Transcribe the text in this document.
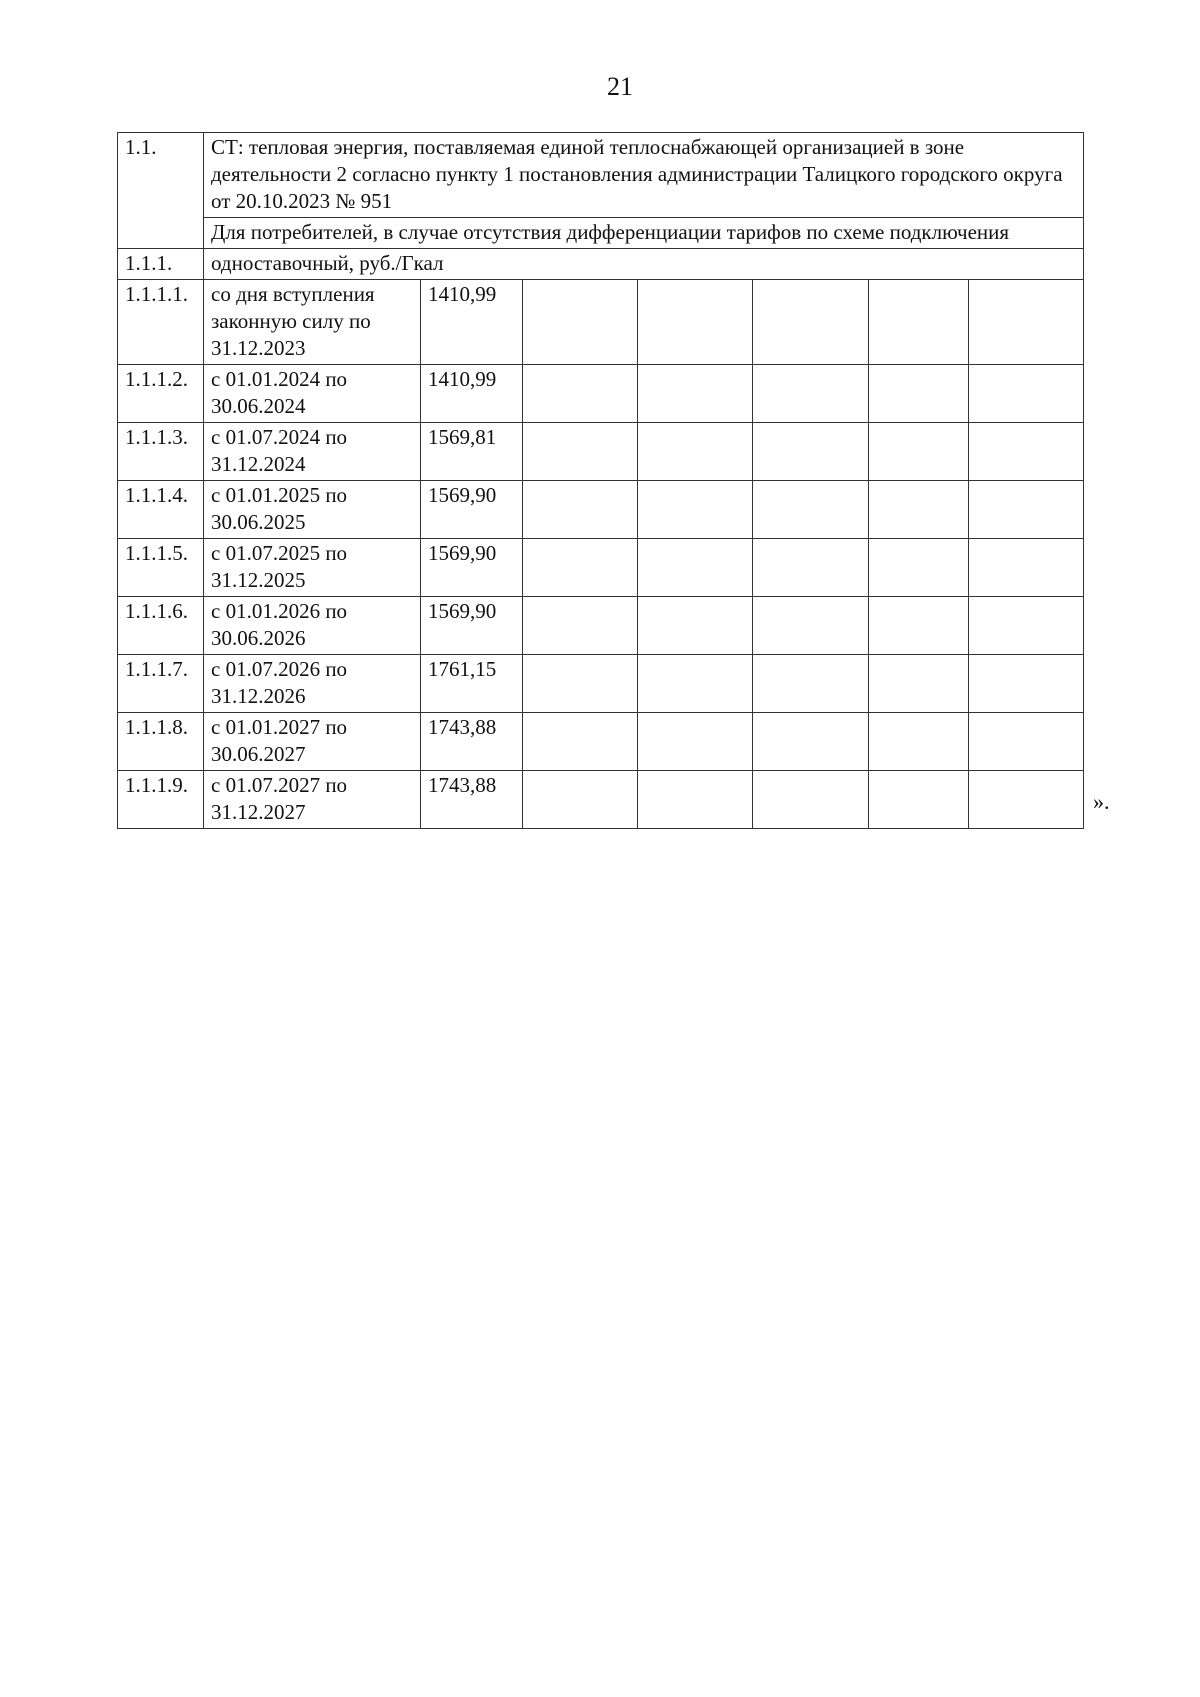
21
1.1.	СТ: тепловая энергия, поставляемая единой теплоснабжающей организацией в зоне деятельности 2 согласно пункту 1 постановления администрации Талицкого городского округа от 20.10.2023 № 951						
	Для потребителей, в случае отсутствия дифференциации тарифов по схеме подключения						
1.1.1.	одноставочный, руб./Гкал						
1.1.1.1.	со дня вступления законную силу по 31.12.2023	1410,99					
1.1.1.2.	с 01.01.2024 по 30.06.2024	1410,99					
1.1.1.3.	с 01.07.2024 по 31.12.2024	1569,81					
1.1.1.4.	с 01.01.2025 по 30.06.2025	1569,90					
1.1.1.5.	с 01.07.2025 по 31.12.2025	1569,90					
1.1.1.6.	с 01.01.2026 по 30.06.2026	1569,90					
1.1.1.7.	с 01.07.2026 по 31.12.2026	1761,15					
1.1.1.8.	с 01.01.2027 по 30.06.2027	1743,88					
1.1.1.9.	с 01.07.2027 по 31.12.2027	1743,88					
».
